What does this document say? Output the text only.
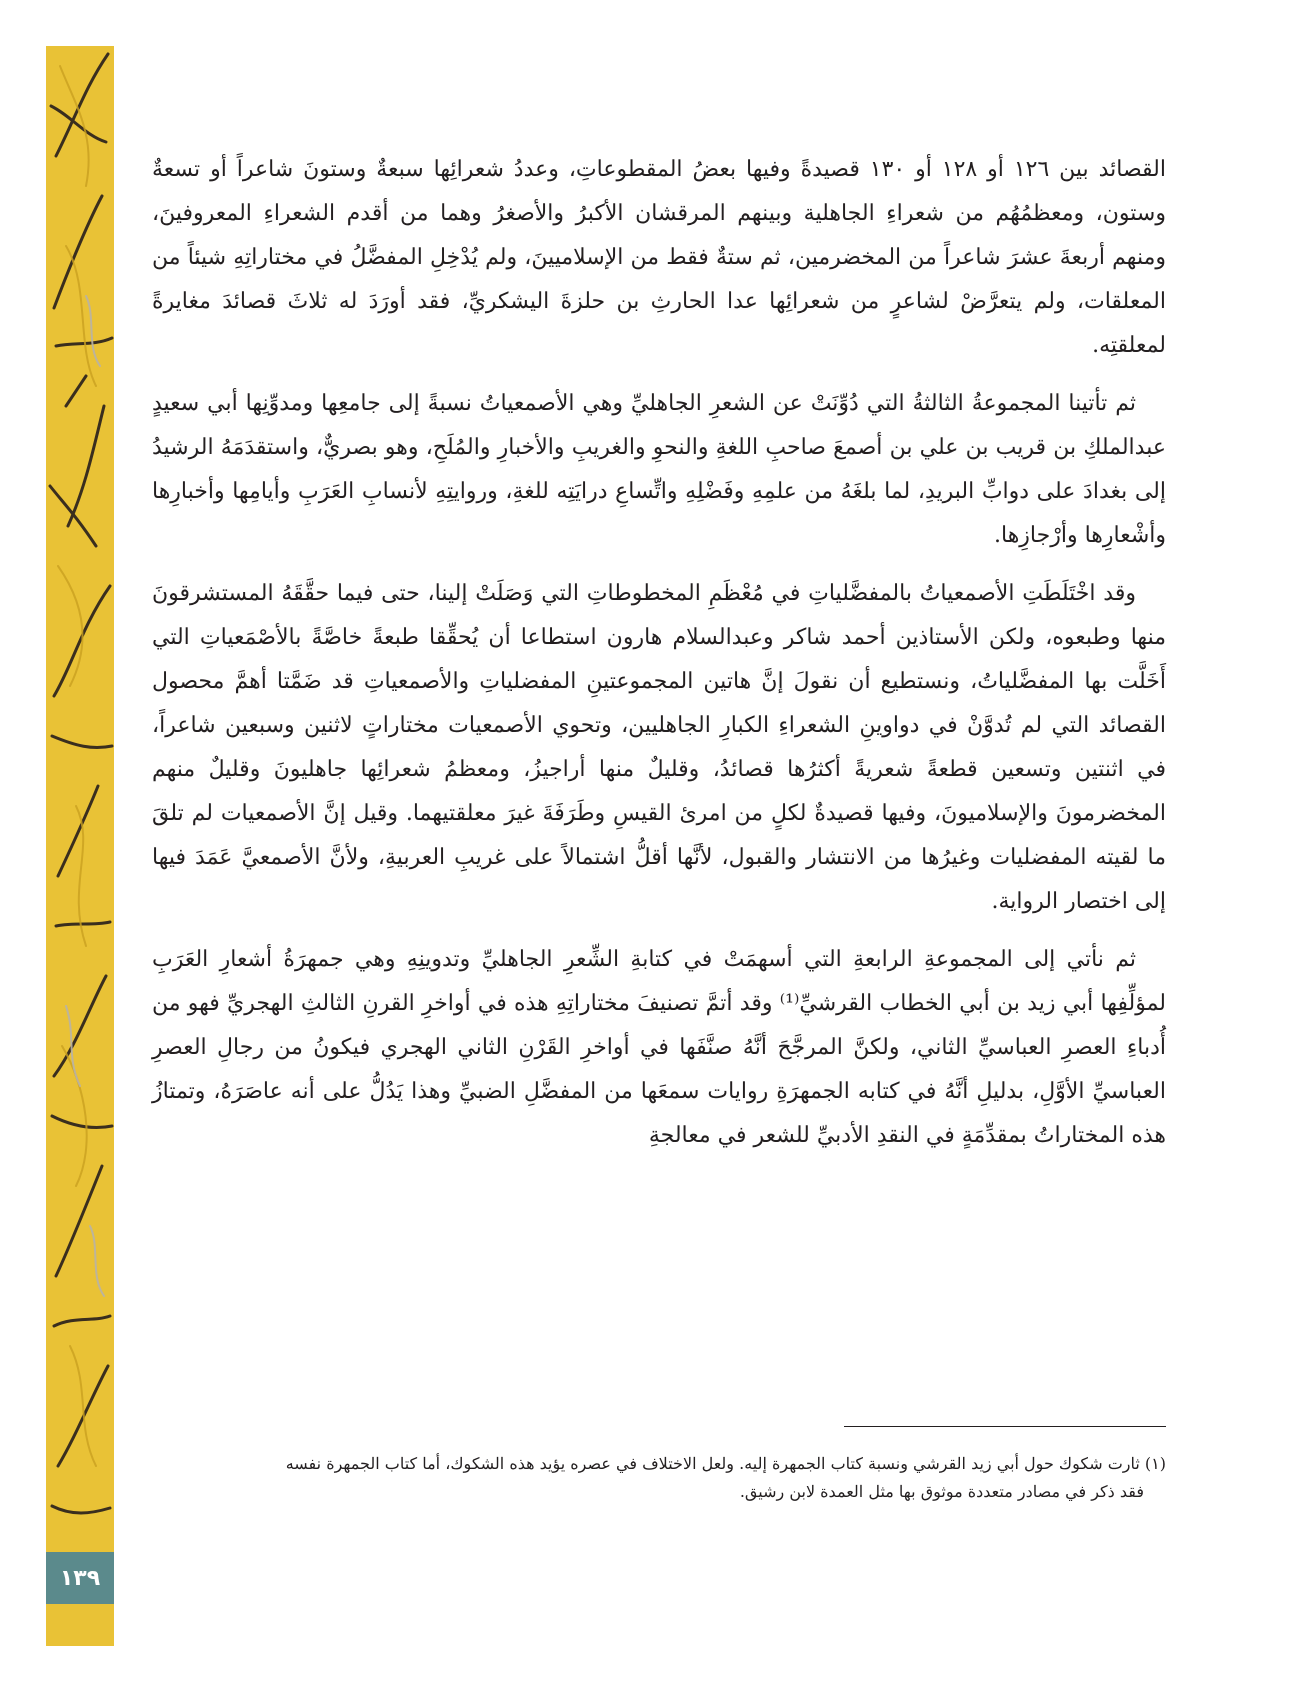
١٣٩

القصائد بين ١٢٦ أو ١٢٨ أو ١٣٠ قصيدةً وفيها بعضُ المقطوعاتِ، وعددُ شعرائِها سبعةٌ وستونَ شاعراً أو تسعةٌ وستون، ومعظمُهُم من شعراءِ الجاهلية وبينهم المرقشان الأكبرُ والأصغرُ وهما من أقدم الشعراءِ المعروفينَ، ومنهم أربعةَ عشرَ شاعراً من المخضرمين، ثم ستةٌ فقط من الإسلاميينَ، ولم يُدْخِلِ المفضَّلُ في مختاراتِهِ شيئاً من المعلقات، ولم يتعرَّضْ لشاعرٍ من شعرائِها عدا الحارثِ بن حلزةَ اليشكريِّ، فقد أورَدَ له ثلاثَ قصائدَ مغايرةً لمعلقتِه.

ثم تأتينا المجموعةُ الثالثةُ التي دُوِّنَتْ عن الشعرِ الجاهليِّ وهي الأصمعياتُ نسبةً إلى جامعِها ومدوِّنِها أبي سعيدٍ عبدالملكِ بن قريب بن علي بن أصمعَ صاحبِ اللغةِ والنحوِ والغريبِ والأخبارِ والمُلَحِ، وهو بصريٌّ، واستقدَمَهُ الرشيدُ إلى بغدادَ على دوابِّ البريدِ، لما بلغَهُ من علمِهِ وفَضْلِهِ واتِّساعِ درايَتِه للغةِ، وروايتِهِ لأنسابِ العَرَبِ وأيامِها وأخبارِها وأشْعارِها وأرْجازِها.

وقد اخْتَلَطَتِ الأصمعياتُ بالمفضَّلياتِ في مُعْظَمِ المخطوطاتِ التي وَصَلَتْ إلينا، حتى فيما حقَّقَهُ المستشرقونَ منها وطبعوه، ولكن الأستاذين أحمد شاكر وعبدالسلام هارون استطاعا أن يُحقِّقا طبعةً خاصَّةً بالأصْمَعياتِ التي أَخَلَّت بها المفضَّلياتُ، ونستطيع أن نقولَ إنَّ هاتين المجموعتينِ المفضلياتِ والأصمعياتِ قد ضَمَّتا أهمَّ محصول القصائد التي لم تُدوَّنْ في دواوينِ الشعراءِ الكبارِ الجاهليين، وتحوي الأصمعيات مختاراتٍ لاثنين وسبعين شاعراً، في اثنتين وتسعين قطعةً شعريةً أكثرُها قصائدُ، وقليلٌ منها أراجيزُ، ومعظمُ شعرائِها جاهليونَ وقليلٌ منهم المخضرمونَ والإسلاميونَ، وفيها قصيدةٌ لكلٍ من امرئ القيسِ وطَرَفَةَ غيرَ معلقتيهما. وقيل إنَّ الأصمعيات لم تلقَ ما لقيته المفضليات وغيرُها من الانتشار والقبول، لأنَّها أقلُّ اشتمالاً على غريبِ العربيةِ، ولأنَّ الأصمعيَّ عَمَدَ فيها إلى اختصار الرواية.

ثم نأتي إلى المجموعةِ الرابعةِ التي أسهمَتْ في كتابةِ الشِّعرِ الجاهليِّ وتدوينِهِ وهي جمهرَةُ أشعارِ العَرَبِ لمؤلِّفِها أبي زيد بن أبي الخطاب القرشيِّ⁽¹⁾ وقد أتمَّ تصنيفَ مختاراتِهِ هذه في أواخرِ القرنِ الثالثِ الهجريِّ فهو من أُدباءِ العصرِ العباسيِّ الثاني، ولكنَّ المرجَّحَ أنَّهُ صنَّفَها في أواخرِ القَرْنِ الثاني الهجري فيكونُ من رجالِ العصرِ العباسيِّ الأوَّلِ، بدليلِ أنَّهُ في كتابه الجمهرَةِ روايات سمعَها من المفضَّلِ الضبيِّ وهذا يَدُلُّ على أنه عاصَرَهُ، وتمتازُ هذه المختاراتُ بمقدِّمَةٍ في النقدِ الأدبيِّ للشعر في معالجةِ

(١) ثارت شكوك حول أبي زيد القرشي ونسبة كتاب الجمهرة إليه. ولعل الاختلاف في عصره يؤيد هذه الشكوك، أما كتاب الجمهرة نفسه
فقد ذكر في مصادر متعددة موثوق بها مثل العمدة لابن رشيق.
